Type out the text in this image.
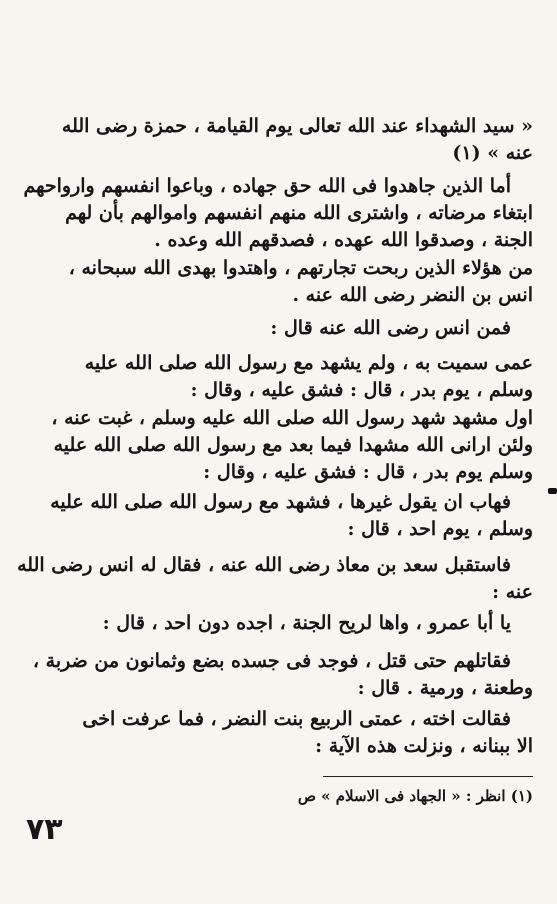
« سيد الشهداء عند الله تعالى يوم القيامة ، حمزة رضى الله
عنه » (١)
أما الذين جاهدوا فى الله حق جهاده ، وباعوا انفسهم وارواحهم
ابتغاء مرضاته ، واشترى الله منهم انفسهم واموالهم بأن لهم
الجنة ، وصدقوا الله عهده ، فصدقهم الله وعده .
من هؤلاء الذين ربحت تجارتهم ، واهتدوا بهدى الله سبحانه ،
انس بن النضر رضى الله عنه .
فمن انس رضى الله عنه قال :
عمى سميت به ، ولم يشهد مع رسول الله صلى الله عليه
وسلم ، يوم بدر ، قال : فشق عليه ، وقال :
اول مشهد شهد رسول الله صلى الله عليه وسلم ، غبت عنه ،
ولئن ارانى الله مشهدا فيما بعد مع رسول الله صلى الله عليه
وسلم يوم بدر ، قال : فشق عليه ، وقال :
فهاب ان يقول غيرها ، فشهد مع رسول الله صلى الله عليه
وسلم ، يوم احد ، قال :
فاستقبل سعد بن معاذ رضى الله عنه ، فقال له انس رضى الله
عنه :
يا أبا عمرو ، واها لريح الجنة ، اجده دون احد ، قال :
فقاتلهم حتى قتل ، فوجد فى جسده بضع وثمانون من ضربة ،
وطعنة ، ورمية . قال :
فقالت اخته ، عمتى الربيع بنت النضر ، فما عرفت اخى
الا ببنانه ، ونزلت هذه الآية :
(١) انظر : « الجهاد فى الاسلام » ص
٧٣
